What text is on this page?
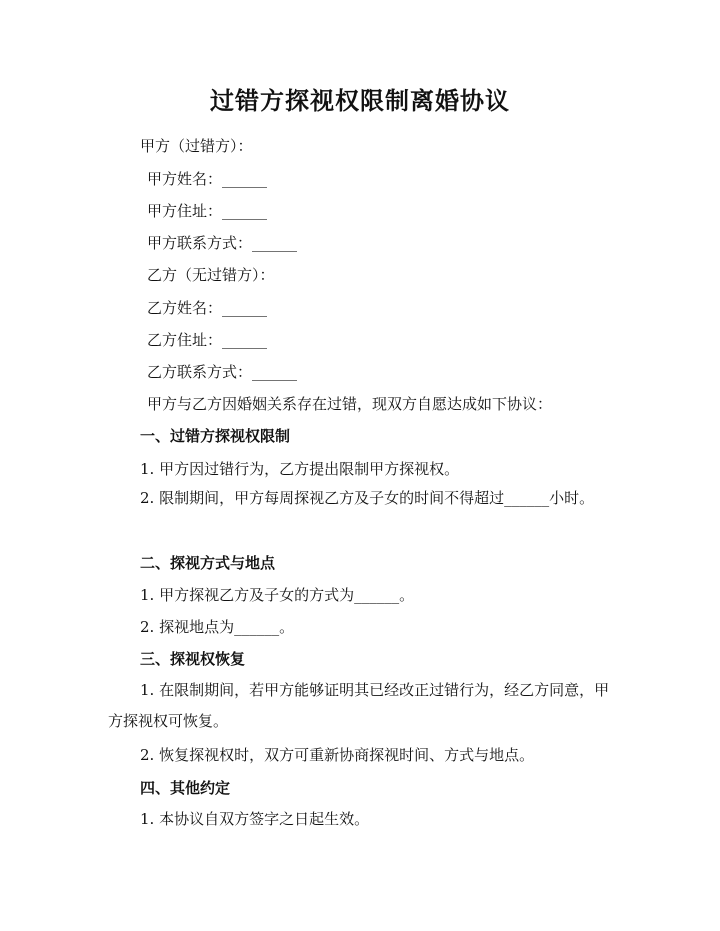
过错方探视权限制离婚协议
甲方（过错方）：
甲方姓名：______
甲方住址：______
甲方联系方式：______
乙方（无过错方）：
乙方姓名：______
乙方住址：______
乙方联系方式：______
甲方与乙方因婚姻关系存在过错，现双方自愿达成如下协议：
一、过错方探视权限制
1. 甲方因过错行为，乙方提出限制甲方探视权。
2. 限制期间，甲方每周探视乙方及子女的时间不得超过______小时。
二、探视方式与地点
1. 甲方探视乙方及子女的方式为______。
2. 探视地点为______。
三、探视权恢复
1. 在限制期间，若甲方能够证明其已经改正过错行为，经乙方同意，甲方探视权可恢复。
2. 恢复探视权时，双方可重新协商探视时间、方式与地点。
四、其他约定
1. 本协议自双方签字之日起生效。
